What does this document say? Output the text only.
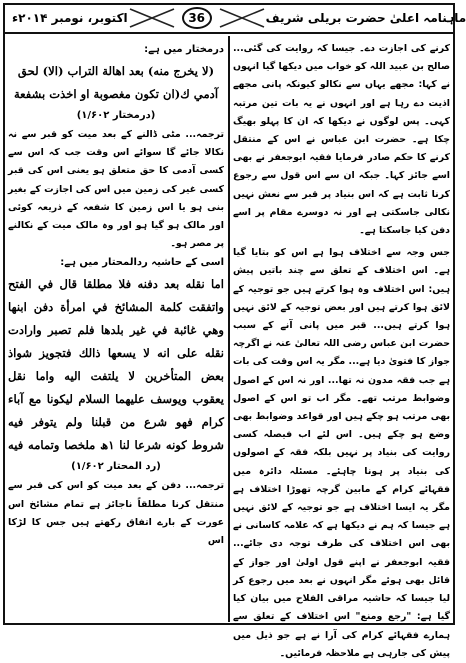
اکتوبر، نومبر ۲۰۱۴ء	36	ماہنامہ اعلیٰ حضرت بریلی شریف

کرنے کی اجازت دے۔ جیسا کہ روایت کی گئی... صالح بن عبید اللہ کو خواب میں دیکھا گیا انہوں نے کہا: مجھے یہاں سے نکالو کیونکہ پانی مجھے اذیت دے رہا ہے اور انہوں نے یہ بات تین مرتبہ کہی۔ پس لوگوں نے دیکھا کہ ان کا پہلو بھیگ چکا ہے۔ حضرت ابن عباس نے اس کے منتقل کرنے کا حکم صادر فرمایا فقیہ ابوجعفر نے بھی اسے جائز کہا۔ جبکہ ان سے اس قول سے رجوع کرنا ثابت ہے کہ اس بنیاد پر قبر سے نعش نہیں نکالی جاسکتی ہے اور نہ دوسرے مقام پر اسے دفن کیا جاسکتا ہے۔

جس وجہ سے اختلاف ہوا ہے اس کو بتایا گیا ہے۔ اس اختلاف کے تعلق سے چند باتیں پیش ہیں: اس اختلاف وہ ہوا کرتے ہیں جو توجیہ کے لائق ہوا کرتے ہیں اور بعض توجیہ کے لائق نہیں ہوا کرتے ہیں... قبر میں پانی آنے کے سبب حضرت ابن عباس رضی اللہ تعالیٰ عنہ نے اگرچہ جواز کا فتویٰ دیا ہے... مگر یہ اس وقت کی بات ہے جب فقہ مدون نہ تھا... اور نہ اس کے اصول وضوابط مرتب تھے۔ مگر اب تو اس کے اصول بھی مرتب ہو چکے ہیں اور قواعد وضوابط بھی وضع ہو چکے ہیں۔ اس لئے اب فیصلہ کسی روایت کی بنیاد پر نہیں بلکہ فقہ کے اصولوں کی بنیاد پر ہونا چاہئے۔ مسئلہ دائرہ میں فقہائے کرام کے مابین گرچہ تھوڑا اختلاف ہے مگر یہ ایسا اختلاف ہے جو توجیہ کے لائق نہیں ہے جیسا کہ ہم نے دیکھا ہے کہ علامہ کاسانی نے بھی اس اختلاف کی طرف توجہ دی جائے... فقیہ ابوجعفر نے اپنے قول اولیٰ اور جواز کے قائل بھی ہوئے مگر انہوں نے بعد میں رجوع کر لیا جیسا کہ حاشیہ مراقی الفلاح میں بیان کیا گیا ہے: "رجع ومنع" اس اختلاف کے تعلق سے ہمارے فقہائے کرام کی آرا نے ہے جو ذیل میں پیش کی جارہی ہے ملاحظہ فرمائیں۔

درمختار میں ہے:

(لا يخرج منه) بعد اهالة التراب (الا) لحق آدمي ك(ان تكون مغصوبة او اخذت بشفعة

(درمختار ۱/۶۰۲)

ترجمہ... مٹی ڈالنے کے بعد میت کو قبر سے نہ نکالا جائے گا سوائے اس وقت جب کہ اس سے کسی آدمی کا حق متعلق ہو یعنی اس کی قبر کسی غیر کی زمین میں اس کی اجازت کے بغیر بنی ہو یا اس زمین کا شفعہ کے ذریعہ کوئی اور مالک ہو گیا ہو اور وہ مالک میت کے نکالنے پر مصر ہو۔

اسی کے حاشیہ ردالمحتار میں ہے:

اما نقله بعد دفنه فلا مطلقا قال في الفتح واتفقت كلمة المشائخ في امرأة دفن ابنها وهي غائبة في غير بلدها فلم تصبر وارادت نقله على انه لا يسعها ذالك فتجويز شواذ بعض المتأخرين لا يلتفت اليه واما نقل يعقوب ويوسف عليهما السلام ليكونا مع آباء كرام فهو شرع من قبلنا ولم يتوفر فيه شروط كونه شرعا لنا ۱ھ ملخصا وتمامه فيه

(رد المحتار ۱/۶۰۲)

ترجمہ... دفن کے بعد میت کو اس کی قبر سے منتقل کرنا مطلقاً ناجائز ہے تمام مشائخ اس عورت کے بارے اتفاق رکھتے ہیں جس کا لڑکا اس
